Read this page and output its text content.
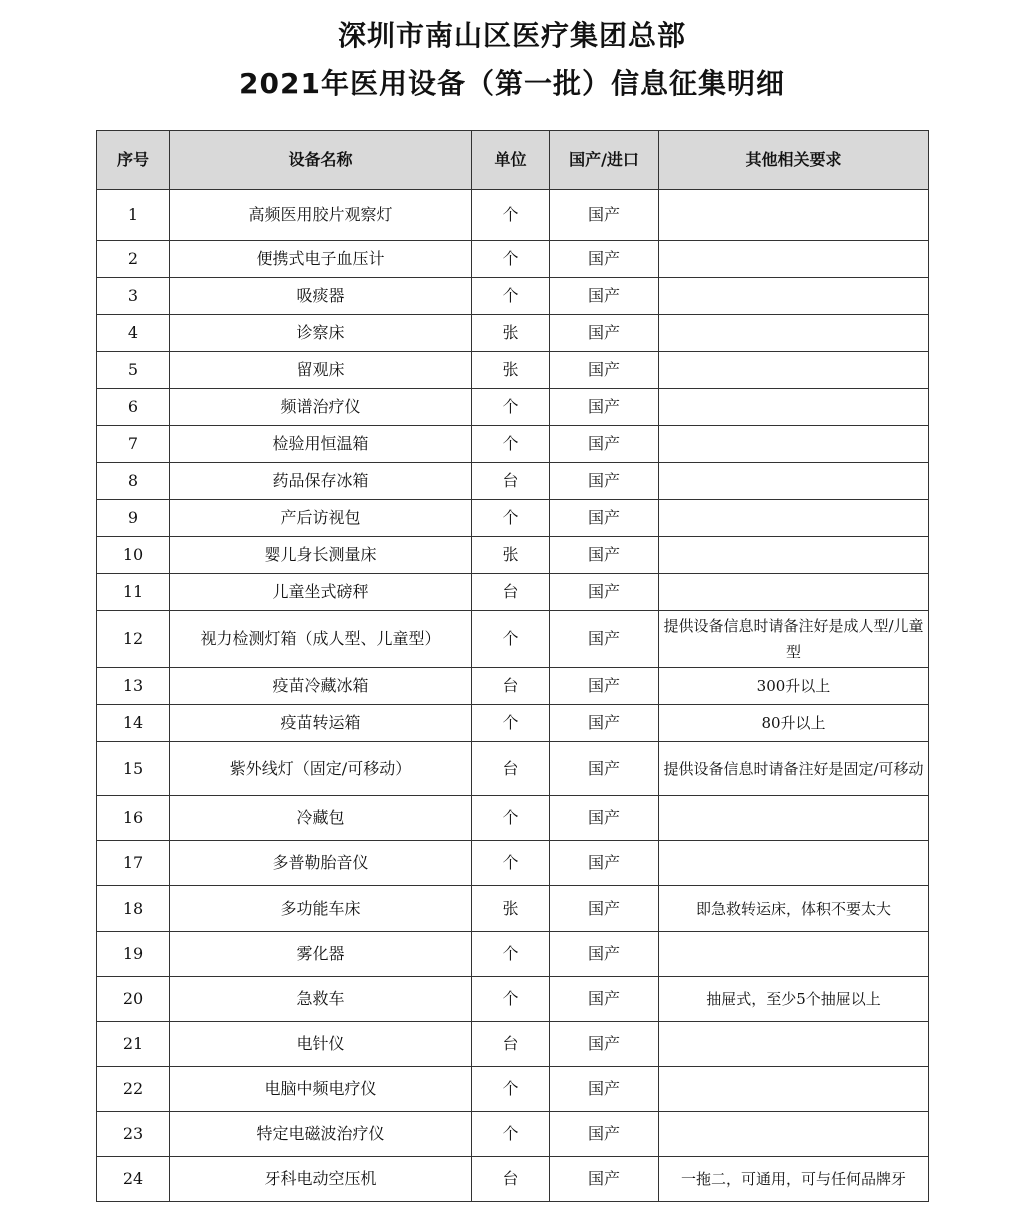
深圳市南山区医疗集团总部
2021年医用设备（第一批）信息征集明细
序号	设备名称	单位	国产/进口	其他相关要求
1	高频医用胶片观察灯	个	国产	
2	便携式电子血压计	个	国产	
3	吸痰器	个	国产	
4	诊察床	张	国产	
5	留观床	张	国产	
6	频谱治疗仪	个	国产	
7	检验用恒温箱	个	国产	
8	药品保存冰箱	台	国产	
9	产后访视包	个	国产	
10	婴儿身长测量床	张	国产	
11	儿童坐式磅秤	台	国产	
12	视力检测灯箱（成人型、儿童型）	个	国产	提供设备信息时请备注好是成人型/儿童型
13	疫苗冷藏冰箱	台	国产	300升以上
14	疫苗转运箱	个	国产	80升以上
15	紫外线灯（固定/可移动）	台	国产	提供设备信息时请备注好是固定/可移动
16	冷藏包	个	国产	
17	多普勒胎音仪	个	国产	
18	多功能车床	张	国产	即急救转运床，体积不要太大
19	雾化器	个	国产	
20	急救车	个	国产	抽屉式，至少5个抽屉以上
21	电针仪	台	国产	
22	电脑中频电疗仪	个	国产	
23	特定电磁波治疗仪	个	国产	
24	牙科电动空压机	台	国产	一拖二，可通用，可与任何品牌牙
